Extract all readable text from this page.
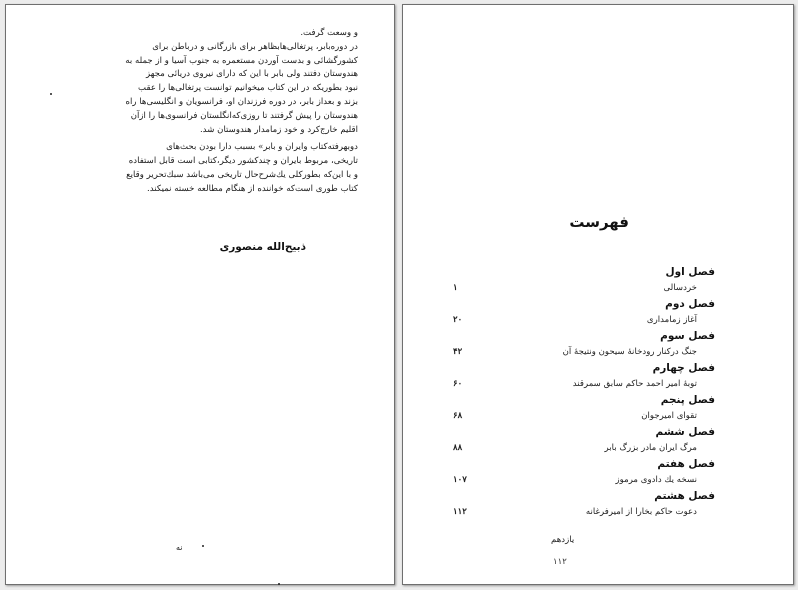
و وسعت گرفت.
در دوره‌بابر، پرتغالی‌ها‌بظاهر برای بازرگانی‌ و درباطن برای
کشورگشائی و بدست آوردن مستعمره به جنوب آسیا و از جمله به
هندوستان دفتند ولی بابر با این که دارای نیروی دریائی مجهز
نبود بطوریکه در این کتاب میخوانیم توانست پرتغالی‌ها را عقب
بزند و بعداز بابر، در دوره فرزندان او، فرانسویان و انگلیسی‌ها راه
هندوستان را پیش گرفتند تا روزی‌که‌انگلستان فرانسوی‌ها را ازآن
اقلیم خارج‌کرد و خود زمامدار هندوستان شد.
دوبهرفته‌کتاب وایران و بابر» بسبب دارا بودن بحث‌های
تاریخی، مربوط بایران و چندکشور دیگر،کتابی است قابل استفاده
و با این‌که بطورکلی یك‌شرح‌حال تاریخی می‌باشد سبك‌تحرير وقايع
کتاب طوری است‌که خواننده از هنگام مطالعه خسته نمیکند.
ذبیح‌الله منصوری
نه
فهرست
فصل اول
خردسالی
۱
فصل دوم
آغاز زمامداری
۲۰
فصل سوم
جنگ درکنار رودخانهٔ سیحون ونتیجهٔ آن
۴۲
فصل چهارم
توبهٔ امیر احمد حاکم سابق سمرقند
۶۰
فصل پنجم
تقوای امیرجوان
۶۸
فصل ششم
مرگ ایران مادر بزرگ بابر
۸۸
فصل هفتم
نسخه یك دادوی مرموز
۱۰۷
فصل هشتم
دعوت حاکم بخارا از امیرفرغانه
۱۱۲
یازدهم
$^{۱۱۲}$
